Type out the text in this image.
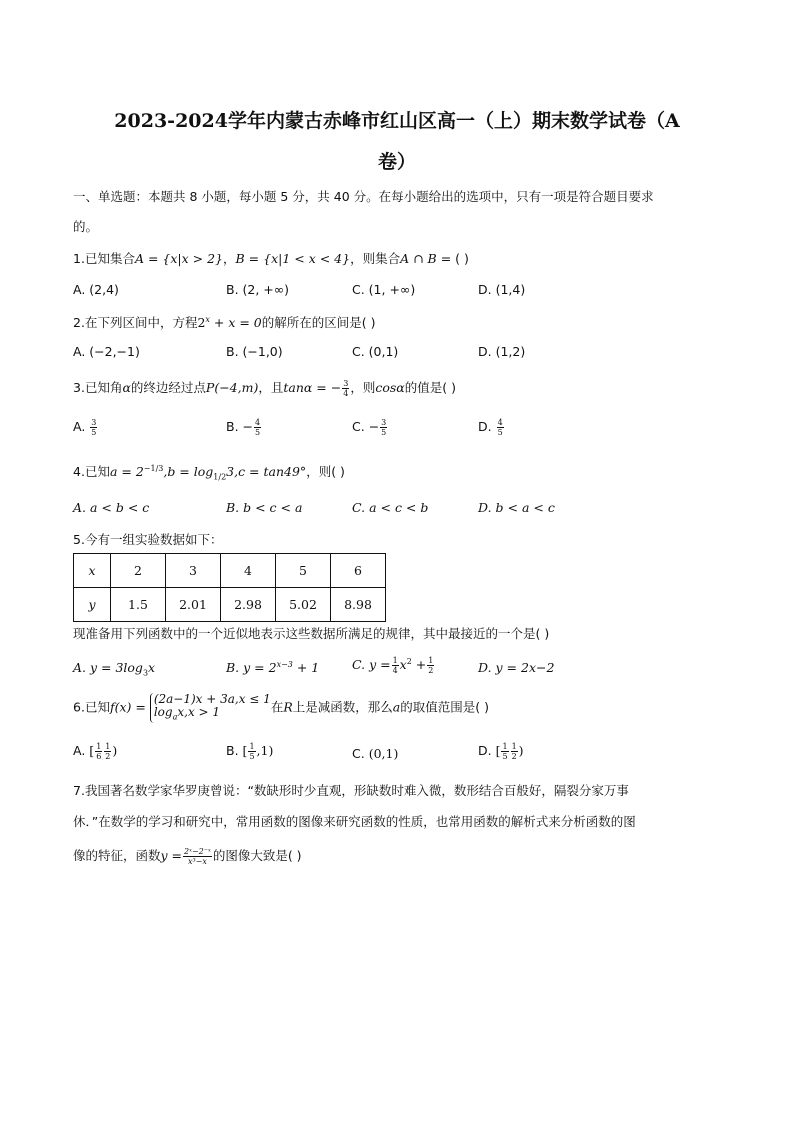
2023-2024学年内蒙古赤峰市红山区高一（上）期末数学试卷（A
卷）
一、单选题：本题共 8 小题，每小题 5 分，共 40 分。在每小题给出的选项中，只有一项是符合题目要求
的。
1.已知集合A = {x|x > 2}，B = {x|1 < x < 4}，则集合A ∩ B = ( )
A. (2,4)	B. (2, +∞)	C. (1, +∞)	D. (1,4)
2.在下列区间中，方程$2^x + x = 0$的解所在的区间是( )
A. (−2,−1)	B. (−1,0)	C. (0,1)	D. (1,2)
3.已知角α的终边经过点P(−4,m)，且tanα = − $\frac{3}{4}$ ，则cosα的值是( )
A. $\frac{3}{5}$	B. − $\frac{4}{5}$	C. − $\frac{3}{5}$	D. $\frac{4}{5}$
4.已知$a = 2^{-1/3},b = \log_{1/2}3,c = \tan 49^\circ$，则( )
A. a < b < c	B. b < c < a	C. a < c < b	D. b < a < c
5.今有一组实验数据如下：
x	2	3	4	5	6
y	1.5	2.01	2.98	5.02	8.98
现准备用下列函数中的一个近似地表示这些数据所满足的规律，其中最接近的一个是( )
A. $y = 3\log_3x$	B. $y = 2^{x-3} + 1$	C. $y = \frac{1}{4} x^2 + \frac{1}{2}$	D. y = 2x−2
6.已知f(x) = (2a−1)x + 3a,x ≤ 1
$\log_ax,x > 1$	在R上是减函数，那么a的取值范围是( )
A. [ $\frac{1}{6} \frac{1}{2}$ )	B. [ $\frac{1}{5} ,1$)	C. (0,1)	D. [ $\frac{1}{5} \frac{1}{2}$ )
7.我国著名数学家华罗庚曾说：“数缺形时少直观，形缺数时难入微，数形结合百般好，隔裂分家万事
休．”在数学的学习和研究中，常用函数的图像来研究函数的性质，也常用函数的解析式来分析函数的图
像的特征，函数$y = \frac{\text{2ˣ−2⁻ˣ}}{\text{x³−x}}$ 的图像大致是( )
